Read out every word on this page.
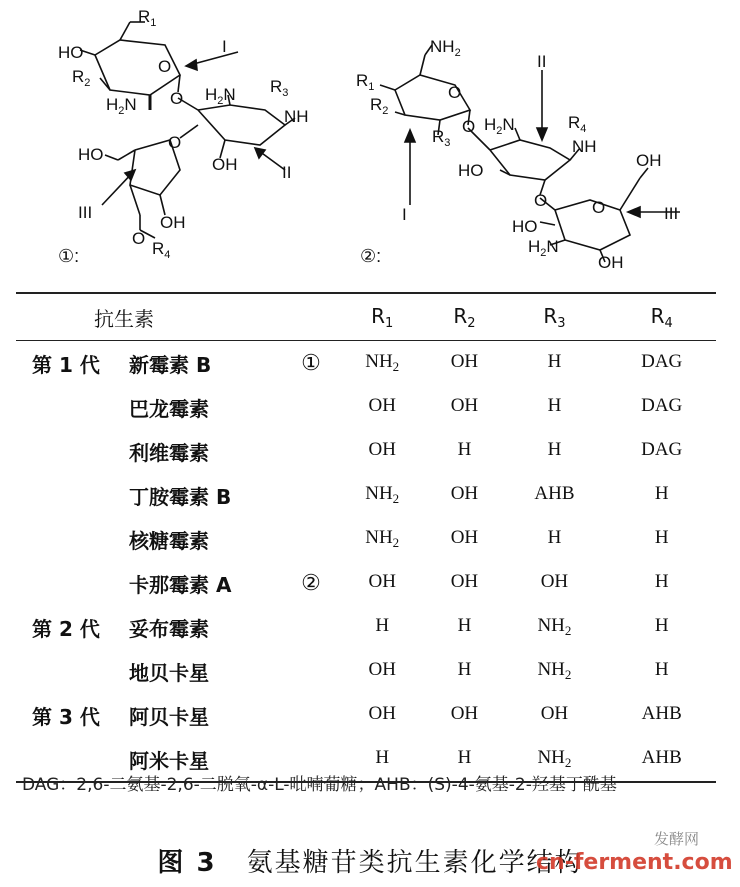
$R_1$
HO
$R_2$
$H_2N$
O
O
I
$H_2N$ $R_3$
NH
OH	II
O
HO
III
OH
O
$R_4$
①:
$NH_2$
$R_1$
$R_2$
$R_3$
O
O
II
$H_2N$	$R_4$
NH
HO
I
O
OH
O	III
HO
$H_2N$
OH
②:
抗生素			$R_1$	$R_2$	$R_3$	$R_4$
第 1 代	新霉素 B	①	$NH_2$	OH	H	DAG
	巴龙霉素		OH	OH	H	DAG
	利维霉素		OH	H	H	DAG
	丁胺霉素 B		$NH_2$	OH	AHB	H
	核糖霉素		$NH_2$	OH	H	H
	卡那霉素 A	②	OH	OH	OH	H
第 2 代	妥布霉素		H	H	$NH_2$	H
	地贝卡星		OH	H	$NH_2$	H
第 3 代	阿贝卡星		OH	OH	OH	AHB
	阿米卡星		H	H	$NH_2$	AHB
DAG：2,6-二氨基-2,6-二脱氧-α-L-吡喃葡糖；AHB：(S)-4-氨基-2-羟基丁酰基
图 3 氨基糖苷类抗生素化学结构
发酵网
cn-ferment.com
